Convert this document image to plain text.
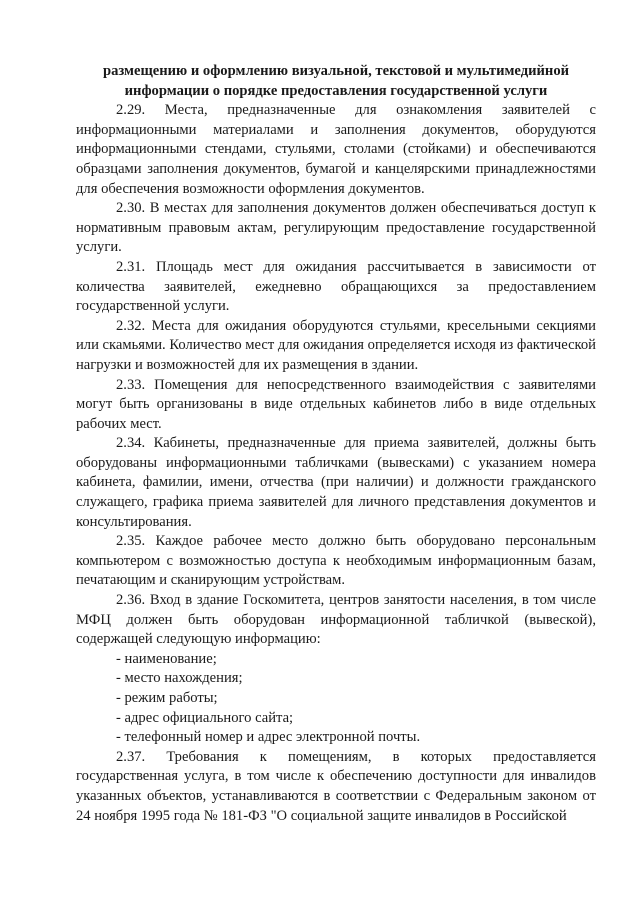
размещению и оформлению визуальной, текстовой и мультимедийной
информации о порядке предоставления государственной услуги

2.29. Места, предназначенные для ознакомления заявителей с информационными материалами и заполнения документов, оборудуются информационными стендами, стульями, столами (стойками) и обеспечиваются образцами заполнения документов, бумагой и канцелярскими принадлежностями для обеспечения возможности оформления документов.

2.30. В местах для заполнения документов должен обеспечиваться доступ к нормативным правовым актам, регулирующим предоставление государственной услуги.

2.31. Площадь мест для ожидания рассчитывается в зависимости от количества заявителей, ежедневно обращающихся за предоставлением государственной услуги.

2.32. Места для ожидания оборудуются стульями, кресельными секциями или скамьями. Количество мест для ожидания определяется исходя из фактической нагрузки и возможностей для их размещения в здании.

2.33. Помещения для непосредственного взаимодействия с заявителями могут быть организованы в виде отдельных кабинетов либо в виде отдельных рабочих мест.

2.34. Кабинеты, предназначенные для приема заявителей, должны быть оборудованы информационными табличками (вывесками) с указанием номера кабинета, фамилии, имени, отчества (при наличии) и должности гражданского служащего, графика приема заявителей для личного представления документов и консультирования.

2.35. Каждое рабочее место должно быть оборудовано персональным компьютером с возможностью доступа к необходимым информационным базам, печатающим и сканирующим устройствам.

2.36. Вход в здание Госкомитета, центров занятости населения, в том числе МФЦ должен быть оборудован информационной табличкой (вывеской), содержащей следующую информацию:

- наименование;

- место нахождения;

- режим работы;

- адрес официального сайта;

- телефонный номер и адрес электронной почты.

2.37. Требования к помещениям, в которых предоставляется государственная услуга, в том числе к обеспечению доступности для инвалидов указанных объектов, устанавливаются в соответствии с Федеральным законом от 24 ноября 1995 года № 181-ФЗ "О социальной защите инвалидов в Российской
